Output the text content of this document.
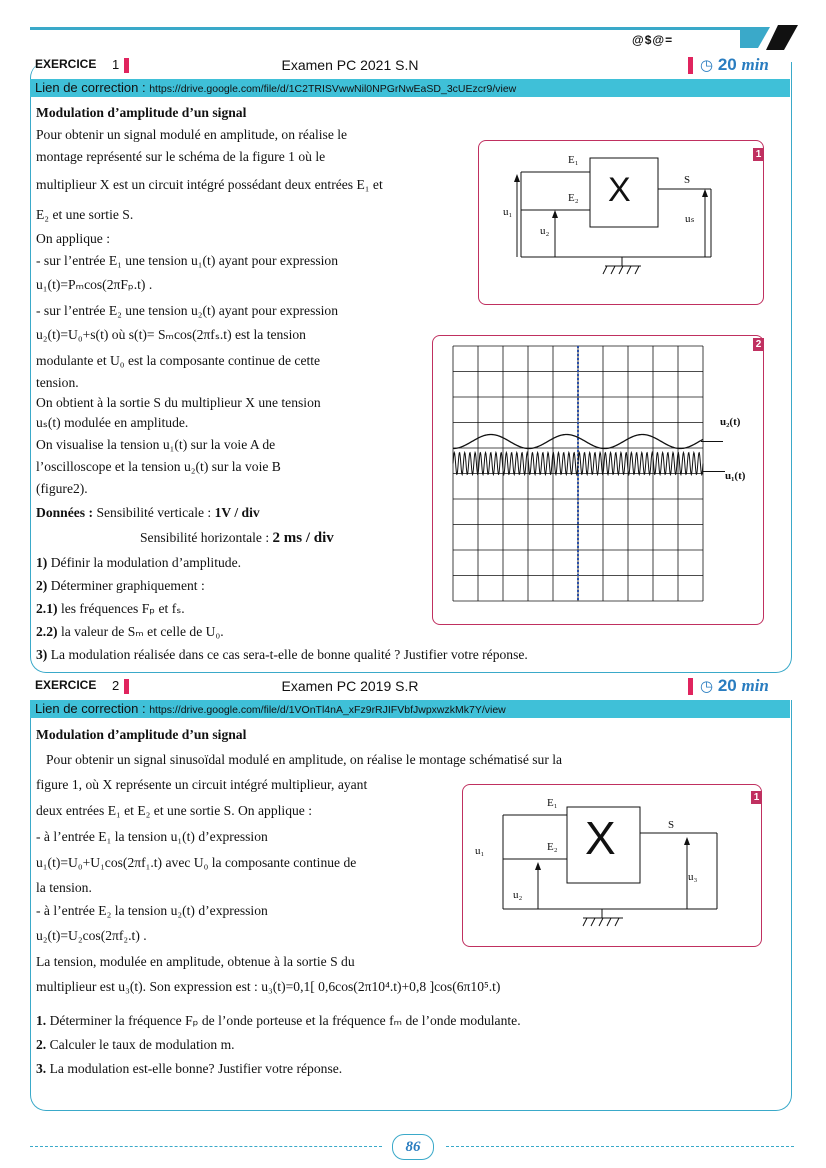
@$@=
EXERCICE 1	Examen PC 2021 S.N	◷ 20 min
Lien de correction : https://drive.google.com/file/d/1C2TRISVwwNil0NPGrNwEaSD_3cUEzcr9/view
Modulation d’amplitude d’un signal
Pour obtenir un signal modulé en amplitude, on réalise le
montage représenté sur le schéma de la figure 1 où le
multiplieur X est un circuit intégré possédant deux entrées E₁ et
E₂ et une sortie S.
On applique :
- sur l’entrée E₁ une tension u₁(t) ayant pour expression
u₁(t)=Pₘcos(2πFₚ.t) .
- sur l’entrée E₂ une tension u₂(t) ayant pour expression
u₂(t)=U₀+s(t) où s(t)= Sₘcos(2πfₛ.t) est la tension
modulante et U₀ est la composante continue de cette
tension.
On obtient à la sortie S du multiplieur X une tension
uₛ(t) modulée en amplitude.
On visualise la tension u₁(t) sur la voie A de
l’oscilloscope et la tension u₂(t) sur la voie B
(figure2).
Données : Sensibilité verticale : 1V / div
Sensibilité horizontale : 2 ms / div
1) Définir la modulation d’amplitude.
2) Déterminer graphiquement :
2.1) les fréquences Fₚ et fₛ.
2.2) la valeur de Sₘ et celle de U₀.
3) La modulation réalisée dans ce cas sera-t-elle de bonne qualité ? Justifier votre réponse.
1
E₁
E₂ X	S
u₁
u₂
uₛ
2
u₂(t)
u₁(t)
EXERCICE 2	Examen PC 2019 S.R	◷ 20 min
Lien de correction : https://drive.google.com/file/d/1VOnTl4nA_xFz9rRJIFVbfJwpxwzkMk7Y/view
Modulation d’amplitude d’un signal
Pour obtenir un signal sinusoïdal modulé en amplitude, on réalise le montage schématisé sur la
figure 1, où X représente un circuit intégré multiplieur, ayant
deux entrées E₁ et E₂ et une sortie S. On applique :
- à l’entrée E₁ la tension u₁(t) d’expression
u₁(t)=U₀+U₁cos(2πf₁.t) avec U₀ la composante continue de
la tension.
- à l’entrée E₂ la tension u₂(t) d’expression
u₂(t)=U₂cos(2πf₂.t) .
La tension, modulée en amplitude, obtenue à la sortie S du
multiplieur est u₃(t). Son expression est : u₃(t)=0,1[ 0,6cos(2π10⁴.t)+0,8 ]cos(6π10⁵.t)
1. Déterminer la fréquence Fₚ de l’onde porteuse et la fréquence fₘ de l’onde modulante.
2. Calculer le taux de modulation m.
3. La modulation est-elle bonne? Justifier votre réponse.
1
E₁
E₂ X	S
u₁
u₂
u₃
86
